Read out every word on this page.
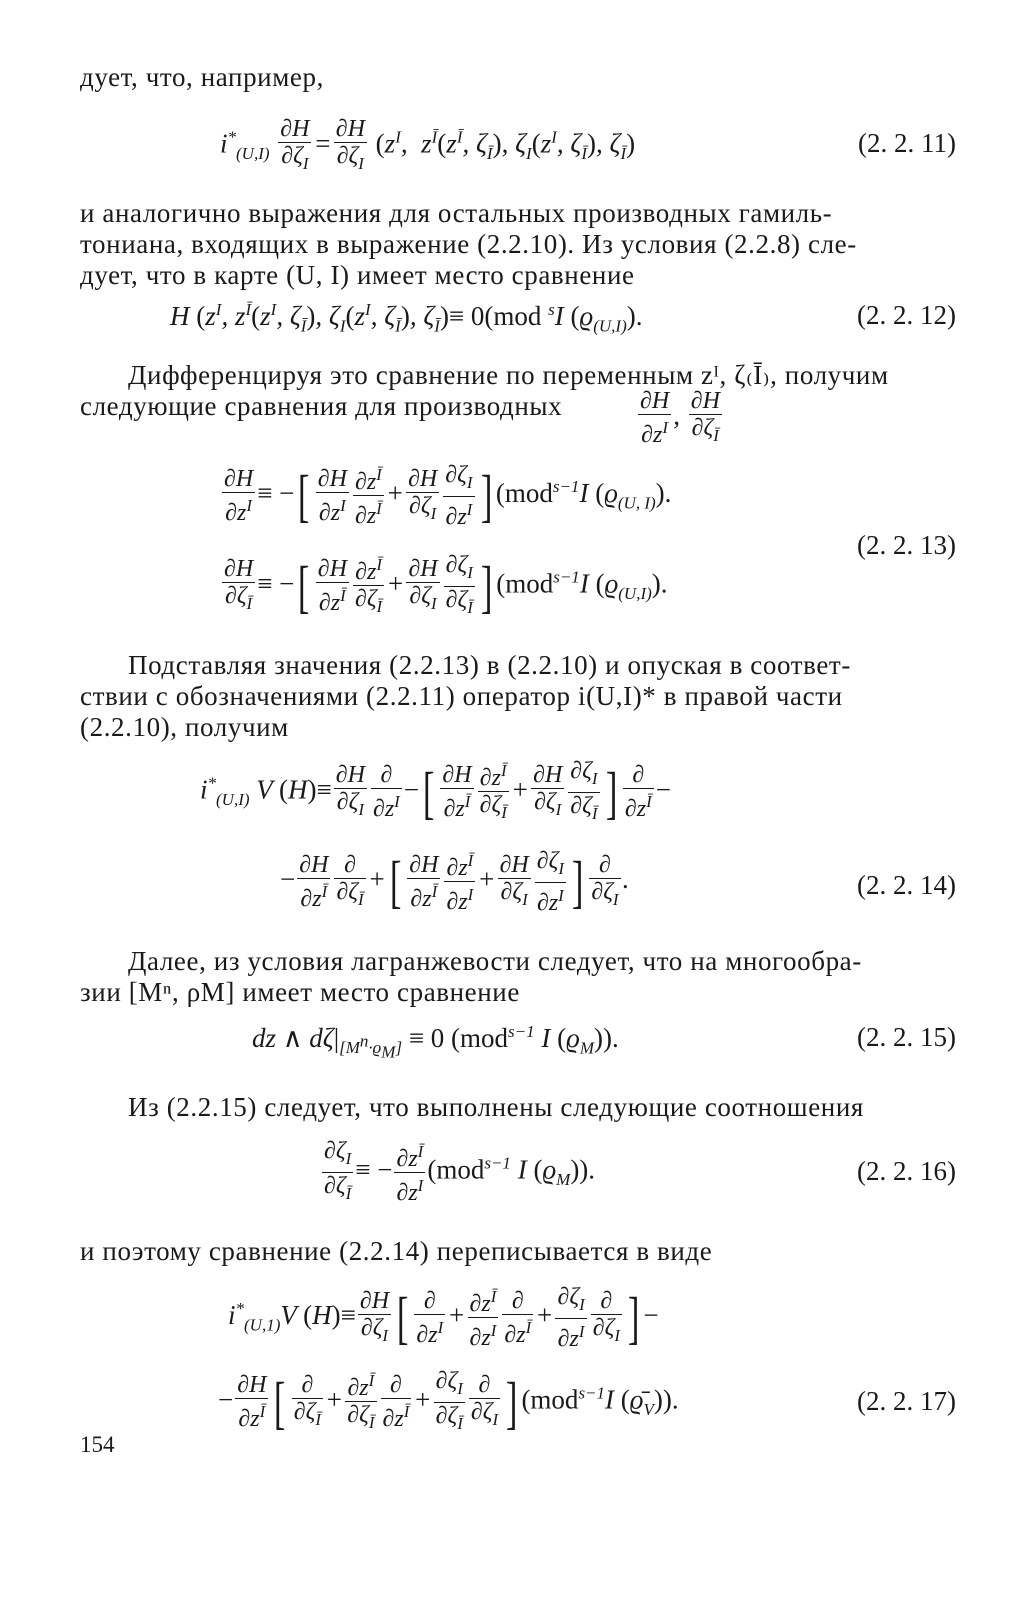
дует, что, например,
$i^*_{(U,I)} \frac{\partial H}{\partial\zeta_I} = \frac{\partial H}{\partial\zeta_I} (z^I$,  $z^Ī(z^Ī$, $\zeta_Ī$), $\zeta_I(z^I$, $\zeta_Ī$), $\zeta_Ī$)	(2. 2. 11)
и аналогично выражения для остальных производных гамиль-
тониана, входящих в выражение (2.2.10). Из условия (2.2.8) сле-
дует, что в карте (U, I) имеет место сравнение
H ($z^I$, $z^Ī(z^I$, $\zeta_Ī$), $\zeta_I(z^I$, $\zeta_Ī$), $\zeta_Ī)\equiv 0(mod$ $^s$I $(ϱ_{(U,I)})$.	(2. 2. 12)
Дифференцируя это сравнение по переменным zᴵ, ζ₍Ī₎, получим
следующие сравнения для производных	$\frac{\partial H}{\partial z^I}$ , $\frac{\partial H}{\partial\zeta_Ī}$
$\frac{\partial H}{\partial z^I}$ ≡ −[ $\frac{\partial H}{\partial z^I} \frac{\partial z^Ī}{\partial z^Ī} + \frac{\partial H}{\partial\zeta_I} \frac{\partial\zeta_I}{\partial z^I}$ ] (mod$^{s-1}$I $(ϱ_{(U, I)})$.
$\frac{\partial H}{\partial\zeta_Ī}$ ≡ −[ $\frac{\partial H}{\partial z^Ī} \frac{\partial z^Ī}{\partial\zeta_Ī} + \frac{\partial H}{\partial\zeta_I} \frac{\partial\zeta_I}{\partial\zeta_Ī}$ ] (mod$^{s-1}$I $(ϱ_{(U,I)})$.
(2. 2. 13)
Подставляя значения (2.2.13) в (2.2.10) и опуская в соответ-
ствии с обозначениями (2.2.11) оператор i(U,I)* в правой части
(2.2.10), получим
$i^*_{(U,I)}$ V $(H)\equiv \frac{\partial H}{\partial\zeta_I} \frac{\partial}{\partial z^I}$ −[ $\frac{\partial H}{\partial z^Ī} \frac{\partial z^Ī}{\partial\zeta_Ī} + \frac{\partial H}{\partial\zeta_I} \frac{\partial\zeta_I}{\partial\zeta_Ī}$ ] $\frac{\partial}{\partial z^Ī}$ −
− $\frac{\partial H}{\partial z^Ī} \frac{\partial}{\partial\zeta_Ī}$ +[ $\frac{\partial H}{\partial z^Ī} \frac{\partial z^Ī}{\partial z^I} + \frac{\partial H}{\partial\zeta_I} \frac{\partial\zeta_I}{\partial z^I}$ ] $\frac{\partial}{\partial\zeta_I}$ .	(2. 2. 14)
Далее, из условия лагранжевости следует, что на многообра-
зии [Mⁿ, ρM] имеет место сравнение
dz ∧ $d\zeta|_{[M^n\cdot ϱ_M]} \equiv 0$ (mod$^{s-1}$ I $(ϱ_M)$).	(2. 2. 15)
Из (2.2.15) следует, что выполнены следующие соотношения
$\frac{\partial\zeta_I}{\partial\zeta_Ī}$ ≡ − $\frac{\partial z^Ī}{\partial z^I} (mod^{s-1}$ I $(ϱ_M)$).	(2. 2. 16)
и поэтому сравнение (2.2.14) переписывается в виде
$i^*_{(U,1)}V$ $(H)\equiv \frac{\partial H}{\partial\zeta_I}$ [ $\frac{\partial}{\partial z^I} + \frac{\partial z^Ī}{\partial z^I} \frac{\partial}{\partial z^Ī} + \frac{\partial\zeta_I}{\partial z^I} \frac{\partial}{\partial\zeta_I}$ ] −
− $\frac{\partial H}{\partial z^Ī}$ [ $\frac{\partial}{\partial\zeta_Ī} + \frac{\partial z^Ī}{\partial\zeta_Ī} \frac{\partial}{\partial z^Ī} + \frac{\partial\zeta_I}{\partial\zeta_Ī} \frac{\partial}{\partial\zeta_I}$ ] (mod$^{s-1}$I $(ϱ̄_V)$).	(2. 2. 17)
154
